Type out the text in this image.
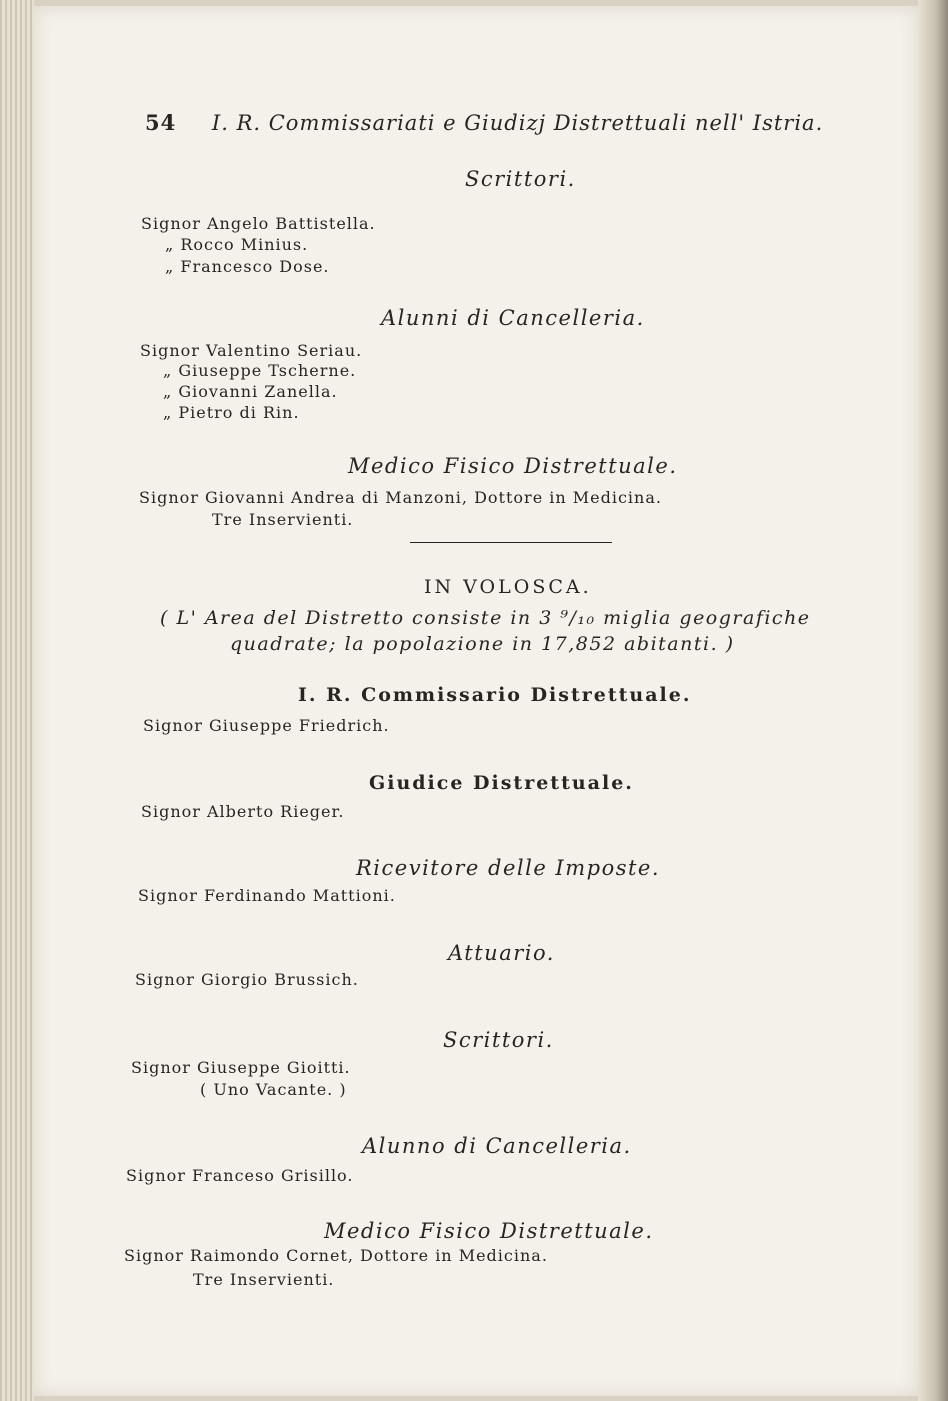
54 I. R. Commissariati e Giudizj Distrettuali nell' Istria.
Scrittori.
Signor Angelo Battistella.
„ Rocco Minius.
„ Francesco Dose.
Alunni di Cancelleria.
Signor Valentino Seriau.
„ Giuseppe Tscherne.
„ Giovanni Zanella.
„ Pietro di Rin.
Medico Fisico Distrettuale.
Signor Giovanni Andrea di Manzoni, Dottore in Medicina.
Tre Inservienti.
IN VOLOSCA.
( L' Area del Distretto consiste in 3 ⁹/₁₀ miglia geografiche
quadrate; la popolazione in 17,852 abitanti. )
I. R. Commissario Distrettuale.
Signor Giuseppe Friedrich.
Giudice Distrettuale.
Signor Alberto Rieger.
Ricevitore delle Imposte.
Signor Ferdinando Mattioni.
Attuario.
Signor Giorgio Brussich.
Scrittori.
Signor Giuseppe Gioitti.
( Uno Vacante. )
Alunno di Cancelleria.
Signor Franceso Grisillo.
Medico Fisico Distrettuale.
Signor Raimondo Cornet, Dottore in Medicina.
Tre Inservienti.
